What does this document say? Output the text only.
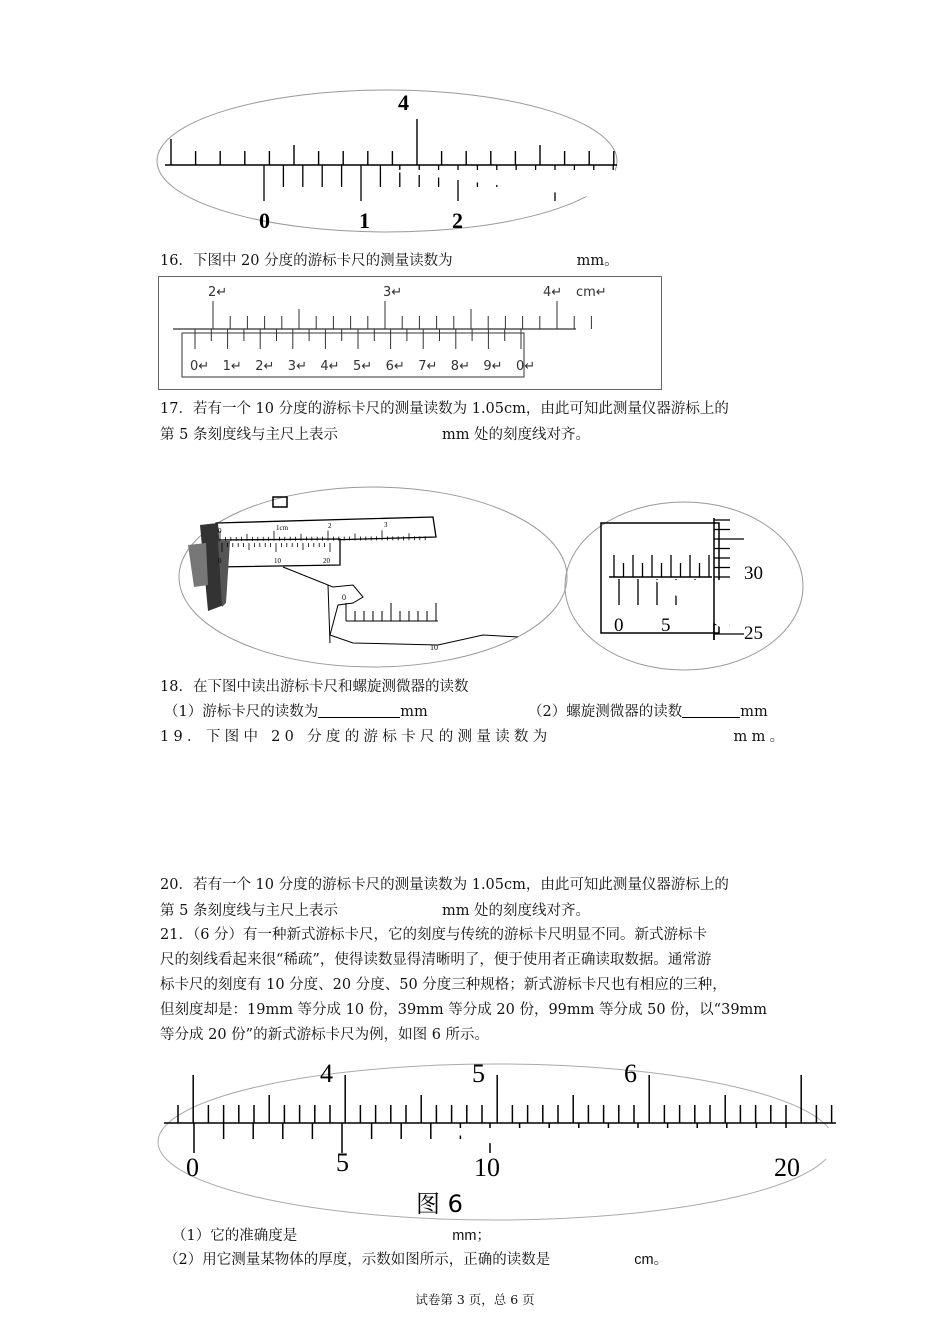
4
0	1	2
16．下图中 20 分度的游标卡尺的测量读数为	mm。
2↵	3↵	4↵ cm↵
0↵ 1↵ 2↵ 3↵ 4↵ 5↵ 6↵ 7↵ 8↵ 9↵ 0↵
17．若有一个 10 分度的游标卡尺的测量读数为 1.05cm，由此可知此测量仪器游标上的
第 5 条刻度线与主尺上表示	mm 处的刻度线对齐。
0	1cm	2	3
0	10	20
0
10
0 5
30
25
18．在下图中读出游标卡尺和螺旋测微器的读数
（1）游标卡尺的读数为	mm	（2）螺旋测微器的读数	mm
19．下图中 20 分度的游标卡尺的测量读数为	mm。
20．若有一个 10 分度的游标卡尺的测量读数为 1.05cm，由此可知此测量仪器游标上的
第 5 条刻度线与主尺上表示	mm 处的刻度线对齐。
21．（6 分）有一种新式游标卡尺，它的刻度与传统的游标卡尺明显不同。新式游标卡
尺的刻线看起来很“稀疏”，使得读数显得清晰明了，便于使用者正确读取数据。通常游
标卡尺的刻度有 10 分度、20 分度、50 分度三种规格；新式游标卡尺也有相应的三种，
但刻度却是：19mm 等分成 10 份，39mm 等分成 20 份，99mm 等分成 50 份，以“39mm
等分成 20 份”的新式游标卡尺为例，如图 6 所示。
4	5	6
0	5	10	20
图 6
（1）它的准确度是	mm；
（2）用它测量某物体的厚度，示数如图所示，正确的读数是	cm。
试卷第 3 页，总 6 页
